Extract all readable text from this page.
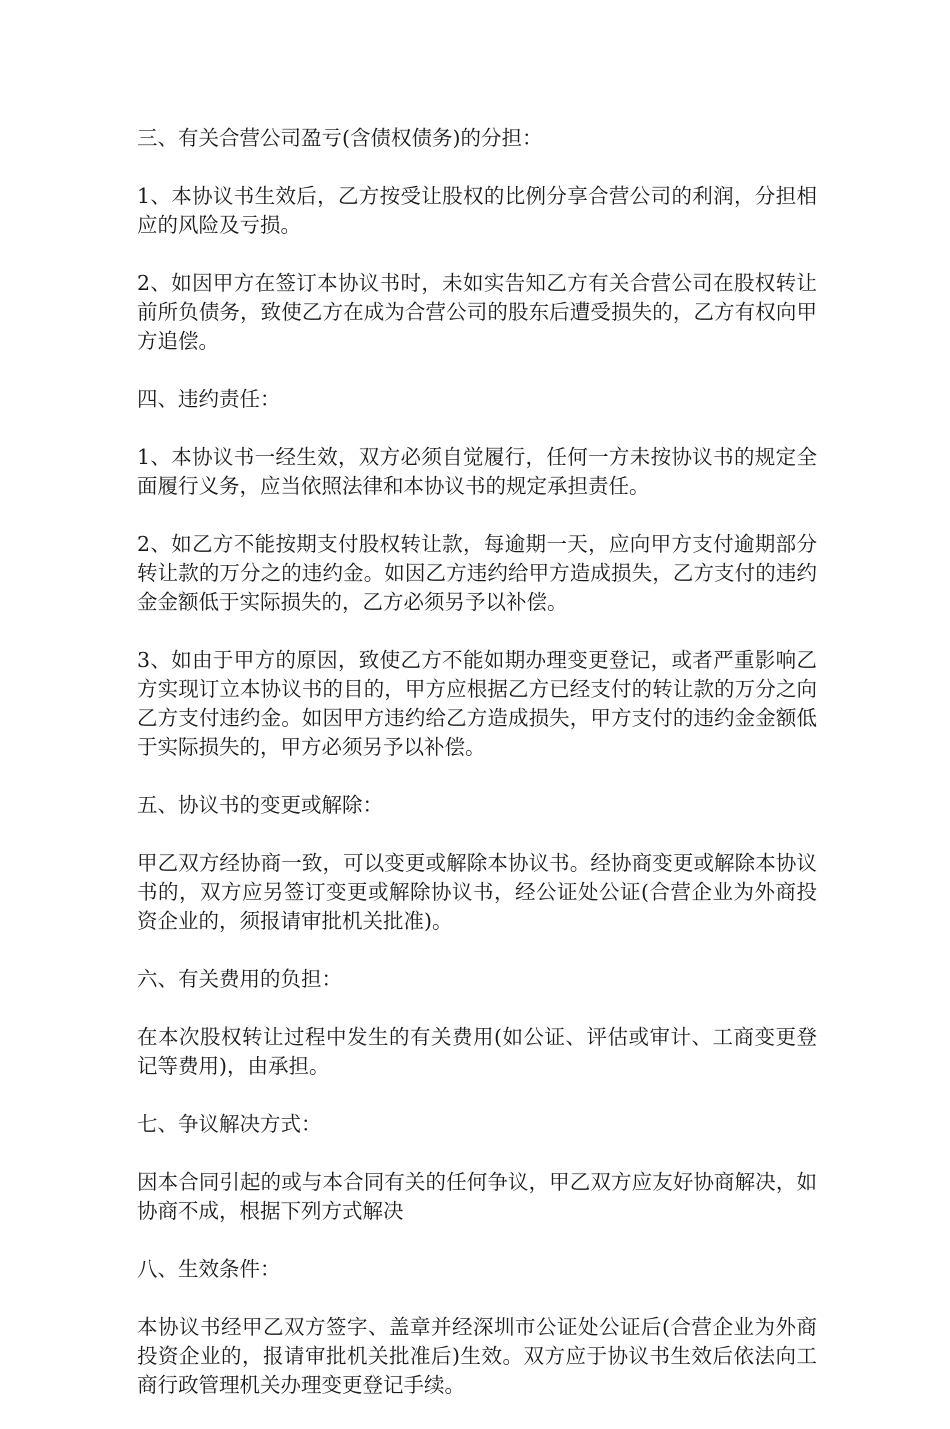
三、有关合营公司盈亏(含债权债务)的分担：

1、本协议书生效后，乙方按受让股权的比例分享合营公司的利润，分担相应的风险及亏损。

2、如因甲方在签订本协议书时，未如实告知乙方有关合营公司在股权转让前所负债务，致使乙方在成为合营公司的股东后遭受损失的，乙方有权向甲方追偿。

四、违约责任：

1、本协议书一经生效，双方必须自觉履行，任何一方未按协议书的规定全面履行义务，应当依照法律和本协议书的规定承担责任。

2、如乙方不能按期支付股权转让款，每逾期一天，应向甲方支付逾期部分转让款的万分之的违约金。如因乙方违约给甲方造成损失，乙方支付的违约金金额低于实际损失的，乙方必须另予以补偿。

3、如由于甲方的原因，致使乙方不能如期办理变更登记，或者严重影响乙方实现订立本协议书的目的，甲方应根据乙方已经支付的转让款的万分之向乙方支付违约金。如因甲方违约给乙方造成损失，甲方支付的违约金金额低于实际损失的，甲方必须另予以补偿。

五、协议书的变更或解除：

甲乙双方经协商一致，可以变更或解除本协议书。经协商变更或解除本协议书的，双方应另签订变更或解除协议书，经公证处公证(合营企业为外商投资企业的，须报请审批机关批准)。

六、有关费用的负担：

在本次股权转让过程中发生的有关费用(如公证、评估或审计、工商变更登记等费用)，由承担。

七、争议解决方式：

因本合同引起的或与本合同有关的任何争议，甲乙双方应友好协商解决，如协商不成，根据下列方式解决

八、生效条件：

本协议书经甲乙双方签字、盖章并经深圳市公证处公证后(合营企业为外商投资企业的，报请审批机关批准后)生效。双方应于协议书生效后依法向工商行政管理机关办理变更登记手续。
